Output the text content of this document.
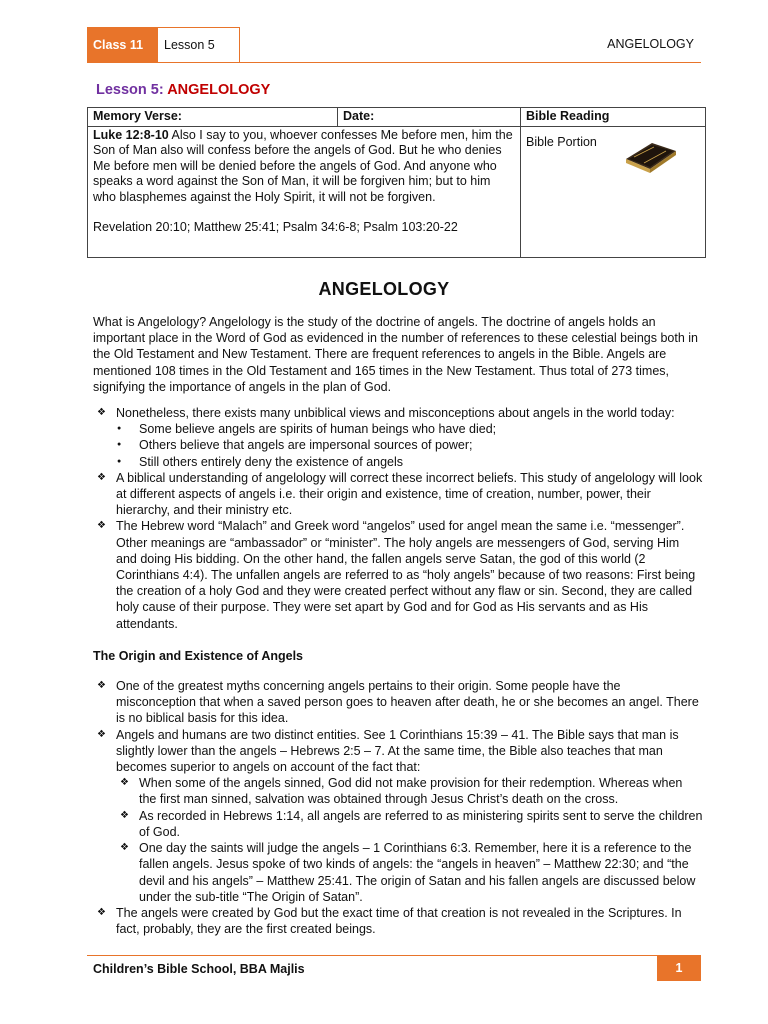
Class 11 Lesson 5	ANGELOLOGY
Lesson 5: ANGELOLOGY
Memory Verse:	Date:	Bible Reading

Luke 12:8-10 Also I say to you, whoever confesses Me before men, him the Son of Man also will confess before the angels of God. But he who denies Me before men will be denied before the angels of God. And anyone who speaks a word against the Son of Man, it will be forgiven him; but to him who blasphemes against the Holy Spirit, it will not be forgiven.
Revelation 20:10; Matthew 25:41; Psalm 34:6-8; Psalm 103:20-22		Bible Portion
ANGELOLOGY

What is Angelology? Angelology is the study of the doctrine of angels. The doctrine of angels holds an important place in the Word of God as evidenced in the number of references to these celestial beings both in the Old Testament and New Testament. There are frequent references to angels in the Bible. Angels are mentioned 108 times in the Old Testament and 165 times in the New Testament. Thus total of 273 times, signifying the importance of angels in the plan of God.

❖ Nonetheless, there exists many unbiblical views and misconceptions about angels in the world today:
● Some believe angels are spirits of human beings who have died;
● Others believe that angels are impersonal sources of power;
● Still others entirely deny the existence of angels
❖ A biblical understanding of angelology will correct these incorrect beliefs. This study of angelology will look at different aspects of angels i.e. their origin and existence, time of creation, number, power, their hierarchy, and their ministry etc.
❖ The Hebrew word “Malach” and Greek word “angelos” used for angel mean the same i.e. “messenger”. Other meanings are “ambassador” or “minister”. The holy angels are messengers of God, serving Him and doing His bidding. On the other hand, the fallen angels serve Satan, the god of this world (2 Corinthians 4:4). The unfallen angels are referred to as “holy angels” because of two reasons: First being the creation of a holy God and they were created perfect without any flaw or sin. Second, they are called holy cause of their purpose. They were set apart by God and for God as His servants and as His attendants.
The Origin and Existence of Angels
❖ One of the greatest myths concerning angels pertains to their origin. Some people have the misconception that when a saved person goes to heaven after death, he or she becomes an angel. There is no biblical basis for this idea.
❖ Angels and humans are two distinct entities. See 1 Corinthians 15:39 – 41. The Bible says that man is slightly lower than the angels – Hebrews 2:5 – 7. At the same time, the Bible also teaches that man becomes superior to angels on account of the fact that:
❖ When some of the angels sinned, God did not make provision for their redemption. Whereas when the first man sinned, salvation was obtained through Jesus Christ’s death on the cross.
❖ As recorded in Hebrews 1:14, all angels are referred to as ministering spirits sent to serve the children of God.
❖ One day the saints will judge the angels – 1 Corinthians 6:3. Remember, here it is a reference to the fallen angels. Jesus spoke of two kinds of angels: the “angels in heaven” – Matthew 22:30; and “the devil and his angels” – Matthew 25:41. The origin of Satan and his fallen angels are discussed below under the sub-title “The Origin of Satan”.
❖ The angels were created by God but the exact time of that creation is not revealed in the Scriptures. In fact, probably, they are the first created beings.
Children’s Bible School, BBA Majlis	1
